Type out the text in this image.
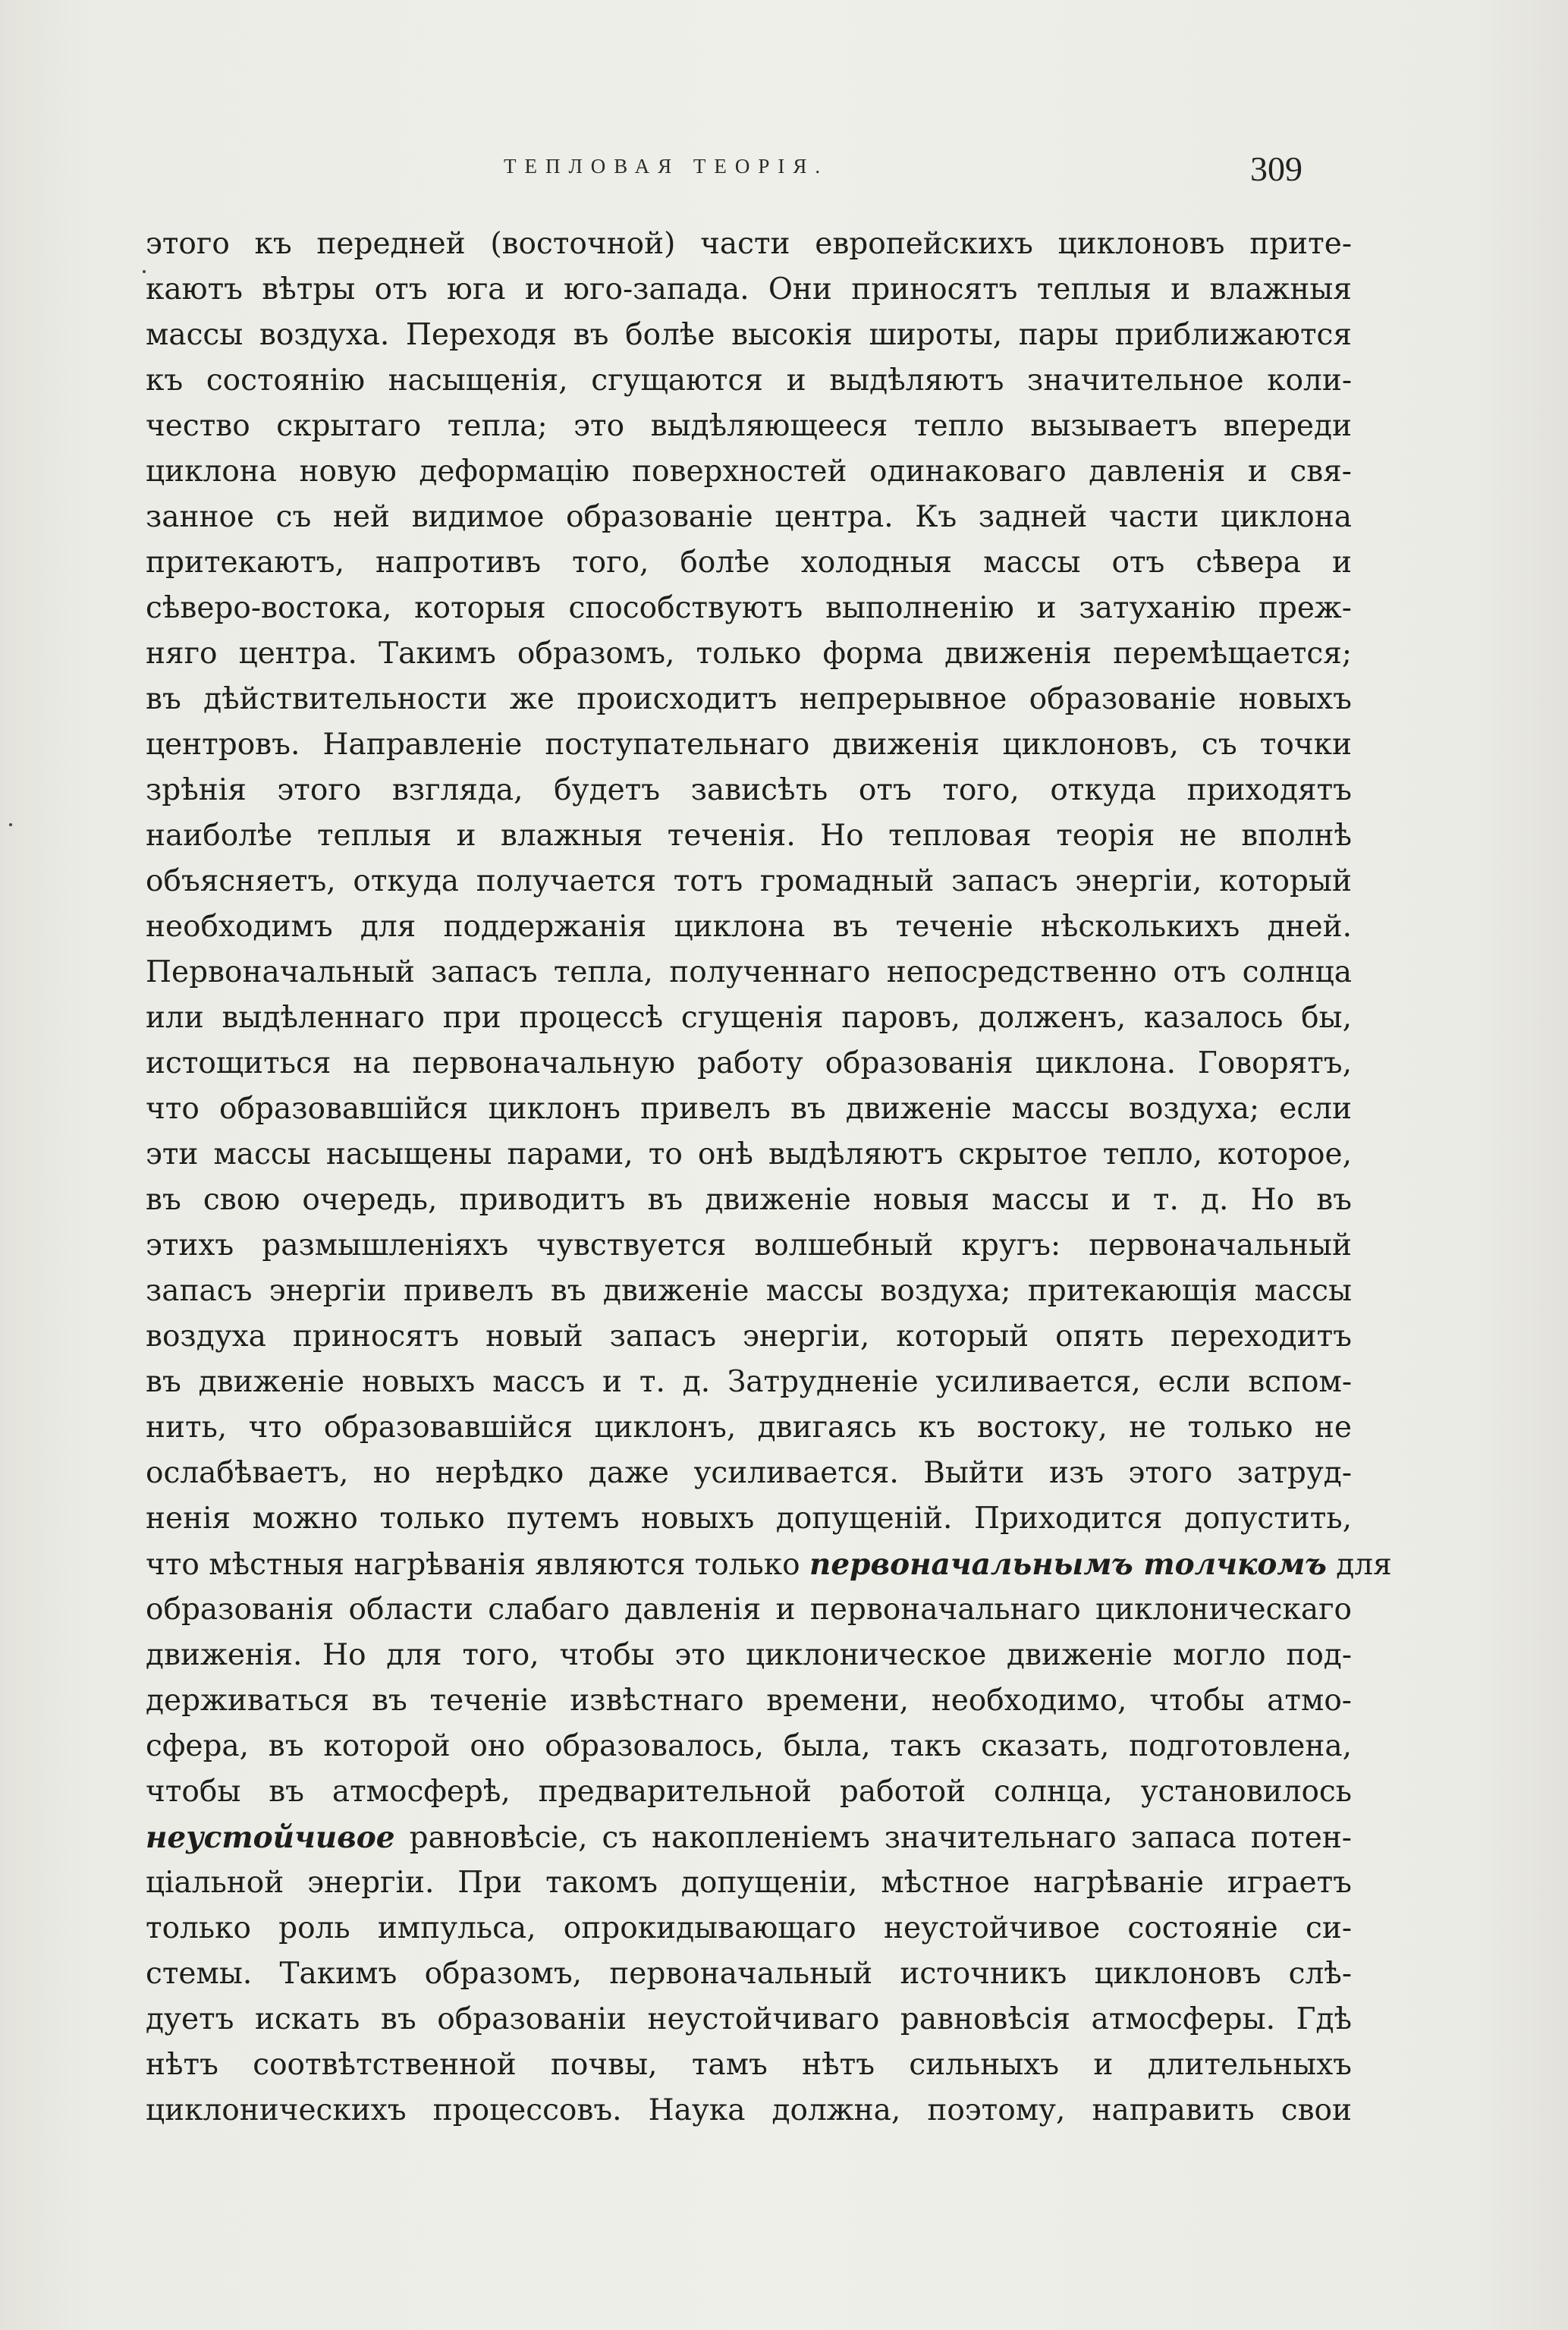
ТЕПЛОВАЯ ТЕОРІЯ.	309
этого къ передней (восточной) части европейскихъ циклоновъ прите-
каютъ вѣтры отъ юга и юго-запада. Они приносятъ теплыя и влажныя
массы воздуха. Переходя въ болѣе высокія широты, пары приближаются
къ состоянію насыщенія, сгущаются и выдѣляютъ значительное коли-
чество скрытаго тепла; это выдѣляющееся тепло вызываетъ впереди
циклона новую деформацію поверхностей одинаковаго давленія и свя-
занное съ ней видимое образованіе центра. Къ задней части циклона
притекаютъ, напротивъ того, болѣе холодныя массы отъ сѣвера и
сѣверо-востока, которыя способствуютъ выполненію и затуханію преж-
няго центра. Такимъ образомъ, только форма движенія перемѣщается;
въ дѣйствительности же происходитъ непрерывное образованіе новыхъ
центровъ. Направленіе поступательнаго движенія циклоновъ, съ точки
зрѣнія этого взгляда, будетъ зависѣть отъ того, откуда приходятъ
наиболѣе теплыя и влажныя теченія. Но тепловая теорія не вполнѣ
объясняетъ, откуда получается тотъ громадный запасъ энергіи, который
необходимъ для поддержанія циклона въ теченіе нѣсколькихъ дней.
Первоначальный запасъ тепла, полученнаго непосредственно отъ солнца
или выдѣленнаго при процессѣ сгущенія паровъ, долженъ, казалось бы,
истощиться на первоначальную работу образованія циклона. Говорятъ,
что образовавшійся циклонъ привелъ въ движеніе массы воздуха; если
эти массы насыщены парами, то онѣ выдѣляютъ скрытое тепло, которое,
въ свою очередь, приводитъ въ движеніе новыя массы и т. д. Но въ
этихъ размышленіяхъ чувствуется волшебный кругъ: первоначальный
запасъ энергіи привелъ въ движеніе массы воздуха; притекающія массы
воздуха приносятъ новый запасъ энергіи, который опять переходитъ
въ движеніе новыхъ массъ и т. д. Затрудненіе усиливается, если вспом-
нить, что образовавшійся циклонъ, двигаясь къ востоку, не только не
ослабѣваетъ, но нерѣдко даже усиливается. Выйти изъ этого затруд-
ненія можно только путемъ новыхъ допущеній. Приходится допустить,
что мѣстныя нагрѣванія являются только первоначальнымъ толчкомъ для
образованія области слабаго давленія и первоначальнаго циклоническаго
движенія. Но для того, чтобы это циклоническое движеніе могло под-
держиваться въ теченіе извѣстнаго времени, необходимо, чтобы атмо-
сфера, въ которой оно образовалось, была, такъ сказать, подготовлена,
чтобы въ атмосферѣ, предварительной работой солнца, установилось
неустойчивое равновѣсіе, съ накопленіемъ значительнаго запаса потен-
ціальной энергіи. При такомъ допущеніи, мѣстное нагрѣваніе играетъ
только роль импульса, опрокидывающаго неустойчивое состояніе си-
стемы. Такимъ образомъ, первоначальный источникъ циклоновъ слѣ-
дуетъ искать въ образованіи неустойчиваго равновѣсія атмосферы. Гдѣ
нѣтъ соотвѣтственной почвы, тамъ нѣтъ сильныхъ и длительныхъ
циклоническихъ процессовъ. Наука должна, поэтому, направить свои
